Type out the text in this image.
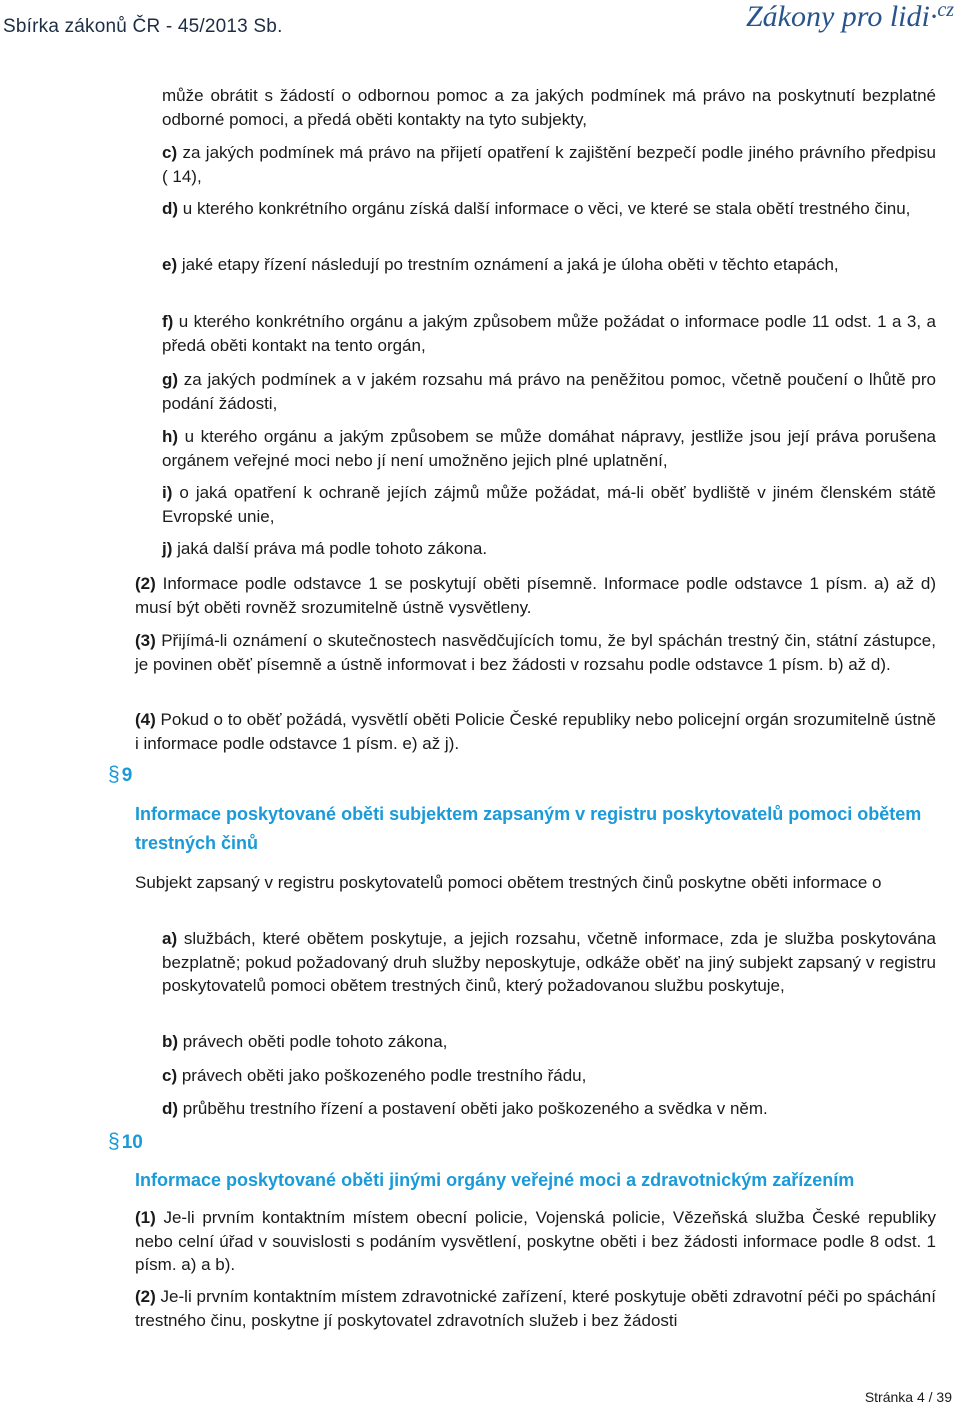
Sbírka zákonů ČR - 45/2013 Sb.	Zákony pro lidi·$^{cz}$

může obrátit s žádostí o odbornou pomoc a za jakých podmínek má právo na poskytnutí bezplatné odborné pomoci, a předá oběti kontakty na tyto subjekty,

c) za jakých podmínek má právo na přijetí opatření k zajištění bezpečí podle jiného právního předpisu ( 14),

d) u kterého konkrétního orgánu získá další informace o věci, ve které se stala obětí trestného činu,

e) jaké etapy řízení následují po trestním oznámení a jaká je úloha oběti v těchto etapách,

f) u kterého konkrétního orgánu a jakým způsobem může požádat o informace podle 11 odst. 1 a 3, a předá oběti kontakt na tento orgán,

g) za jakých podmínek a v jakém rozsahu má právo na peněžitou pomoc, včetně poučení o lhůtě pro podání žádosti,

h) u kterého orgánu a jakým způsobem se může domáhat nápravy, jestliže jsou její práva porušena orgánem veřejné moci nebo jí není umožněno jejich plné uplatnění,

i) o jaká opatření k ochraně jejích zájmů může požádat, má-li oběť bydliště v jiném členském státě Evropské unie,

j) jaká další práva má podle tohoto zákona.

(2) Informace podle odstavce 1 se poskytují oběti písemně. Informace podle odstavce 1 písm. a) až d) musí být oběti rovněž srozumitelně ústně vysvětleny.

(3) Přijímá-li oznámení o skutečnostech nasvědčujících tomu, že byl spáchán trestný čin, státní zástupce, je povinen oběť písemně a ústně informovat i bez žádosti v rozsahu podle odstavce 1 písm. b) až d).

(4) Pokud o to oběť požádá, vysvětlí oběti Policie České republiky nebo policejní orgán srozumitelně ústně i informace podle odstavce 1 písm. e) až j).

§ 9

Informace poskytované oběti subjektem zapsaným v registru poskytovatelů pomoci obětem trestných činů

Subjekt zapsaný v registru poskytovatelů pomoci obětem trestných činů poskytne oběti informace o

a) službách, které obětem poskytuje, a jejich rozsahu, včetně informace, zda je služba poskytována bezplatně; pokud požadovaný druh služby neposkytuje, odkáže oběť na jiný subjekt zapsaný v registru poskytovatelů pomoci obětem trestných činů, který požadovanou službu poskytuje,

b) právech oběti podle tohoto zákona,

c) právech oběti jako poškozeného podle trestního řádu,

d) průběhu trestního řízení a postavení oběti jako poškozeného a svědka v něm.

§ 10

Informace poskytované oběti jinými orgány veřejné moci a zdravotnickým zařízením

(1) Je-li prvním kontaktním místem obecní policie, Vojenská policie, Vězeňská služba České republiky nebo celní úřad v souvislosti s podáním vysvětlení, poskytne oběti i bez žádosti informace podle 8 odst. 1 písm. a) a b).

(2) Je-li prvním kontaktním místem zdravotnické zařízení, které poskytuje oběti zdravotní péči po spáchání trestného činu, poskytne jí poskytovatel zdravotních služeb i bez žádosti

Stránka 4 / 39
